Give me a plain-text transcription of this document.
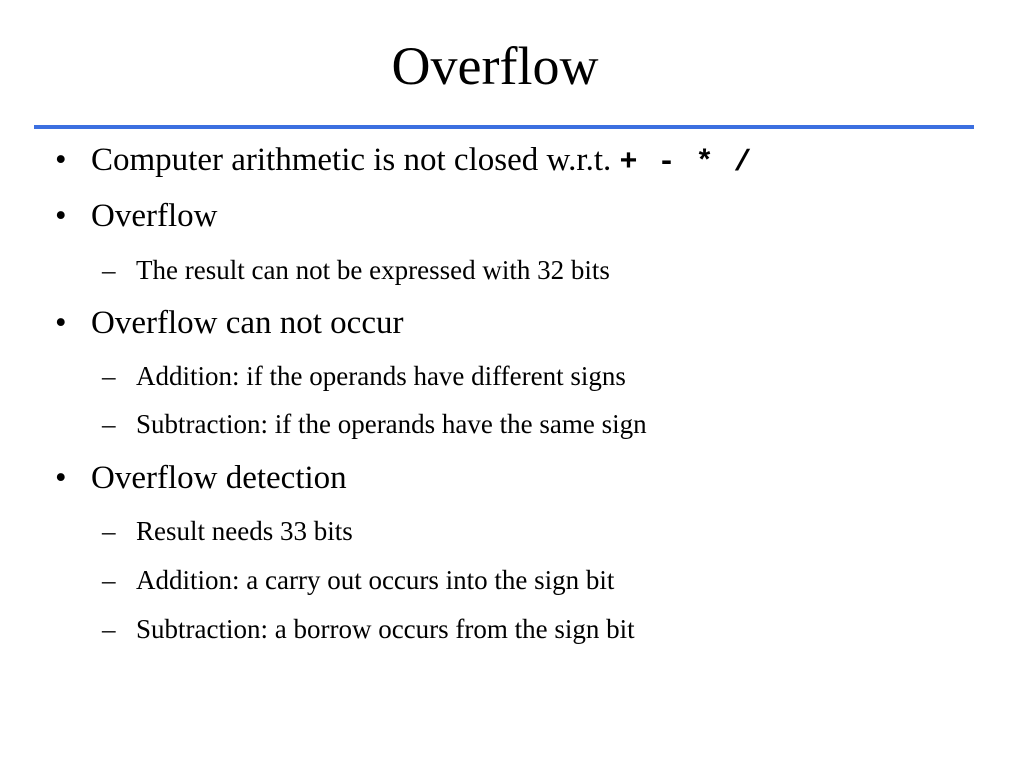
Overflow
• Computer arithmetic is not closed w.r.t. + - * /
• Overflow
– The result can not be expressed with 32 bits
• Overflow can not occur
– Addition: if the operands have different signs
– Subtraction: if the operands have the same sign
• Overflow detection
– Result needs 33 bits
– Addition: a carry out occurs into the sign bit
– Subtraction: a borrow occurs from the sign bit
